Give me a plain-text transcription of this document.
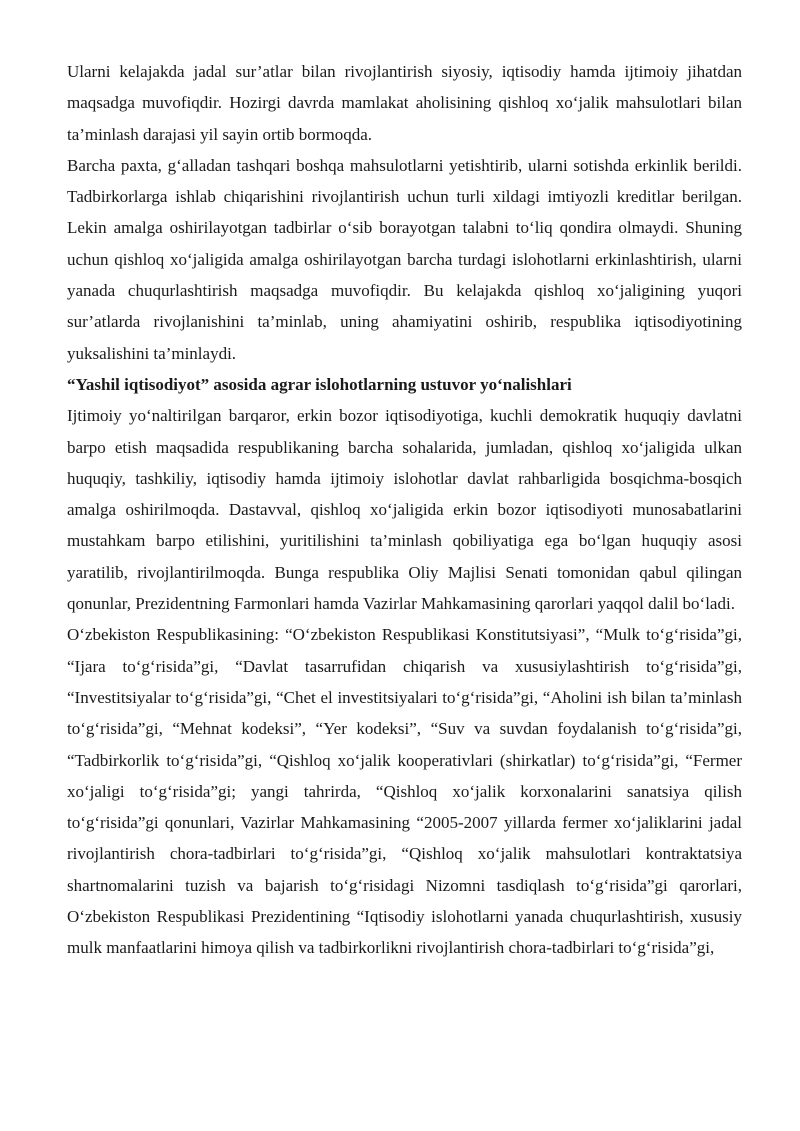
Ularni kelajakda jadal sur’atlar bilan rivojlantirish siyosiy, iqtisodiy hamda ijtimoiy jihatdan maqsadga muvofiqdir. Hozirgi davrda mamlakat aholisining qishloq xo‘jalik mahsulotlari bilan ta’minlash darajasi yil sayin ortib bormoqda.

Barcha paxta, g‘alladan tashqari boshqa mahsulotlarni yetishtirib, ularni sotishda erkinlik berildi. Tadbirkorlarga ishlab chiqarishini rivojlantirish uchun turli xildagi imtiyozli kreditlar berilgan. Lekin amalga oshirilayotgan tadbirlar o‘sib borayotgan talabni to‘liq qondira olmaydi. Shuning uchun qishloq xo‘jaligida amalga oshirilayotgan barcha turdagi islohotlarni erkinlashtirish, ularni yanada chuqurlashtirish maqsadga muvofiqdir. Bu kelajakda qishloq xo‘jaligining yuqori sur’atlarda rivojlanishini ta’minlab, uning ahamiyatini oshirib, respublika iqtisodiyotining yuksalishini ta’minlaydi.

“Yashil iqtisodiyot” asosida agrar islohotlarning ustuvor yo‘nalishlari

Ijtimoiy yo‘naltirilgan barqaror, erkin bozor iqtisodiyotiga, kuchli demokratik huquqiy davlatni barpo etish maqsadida respublikaning barcha sohalarida, jumladan, qishloq xo‘jaligida ulkan huquqiy, tashkiliy, iqtisodiy hamda ijtimoiy islohotlar davlat rahbarligida bosqichma-bosqich amalga oshirilmoqda. Dastavval, qishloq xo‘jaligida erkin bozor iqtisodiyoti munosabatlarini mustahkam barpo etilishini, yuritilishini ta’minlash qobiliyatiga ega bo‘lgan huquqiy asosi yaratilib, rivojlantirilmoqda. Bunga respublika Oliy Majlisi Senati tomonidan qabul qilingan qonunlar, Prezidentning Farmonlari hamda Vazirlar Mahkamasining qarorlari yaqqol dalil bo‘ladi.

O‘zbekiston Respublikasining: “O‘zbekiston Respublikasi Konstitutsiyasi”, “Mulk to‘g‘risida”gi, “Ijara to‘g‘risida”gi, “Davlat tasarrufidan chiqarish va xususiylashtirish to‘g‘risida”gi, “Investitsiyalar to‘g‘risida”gi, “Chet el investitsiyalari to‘g‘risida”gi, “Aholini ish bilan ta’minlash to‘g‘risida”gi, “Mehnat kodeksi”, “Yer kodeksi”, “Suv va suvdan foydalanish to‘g‘risida”gi, “Tadbirkorlik to‘g‘risida”gi, “Qishloq xo‘jalik kooperativlari (shirkatlar) to‘g‘risida”gi, “Fermer xo‘jaligi to‘g‘risida”gi; yangi tahrirda, “Qishloq xo‘jalik korxonalarini sanatsiya qilish to‘g‘risida”gi qonunlari, Vazirlar Mahkamasining “2005-2007 yillarda fermer xo‘jaliklarini jadal rivojlantirish chora-tadbirlari to‘g‘risida”gi, “Qishloq xo‘jalik mahsulotlari kontraktatsiya shartnomalarini tuzish va bajarish to‘g‘risidagi Nizomni tasdiqlash to‘g‘risida”gi qarorlari, O‘zbekiston Respublikasi Prezidentining “Iqtisodiy islohotlarni yanada chuqurlashtirish, xususiy mulk manfaatlarini himoya qilish va tadbirkorlikni rivojlantirish chora-tadbirlari to‘g‘risida”gi,
